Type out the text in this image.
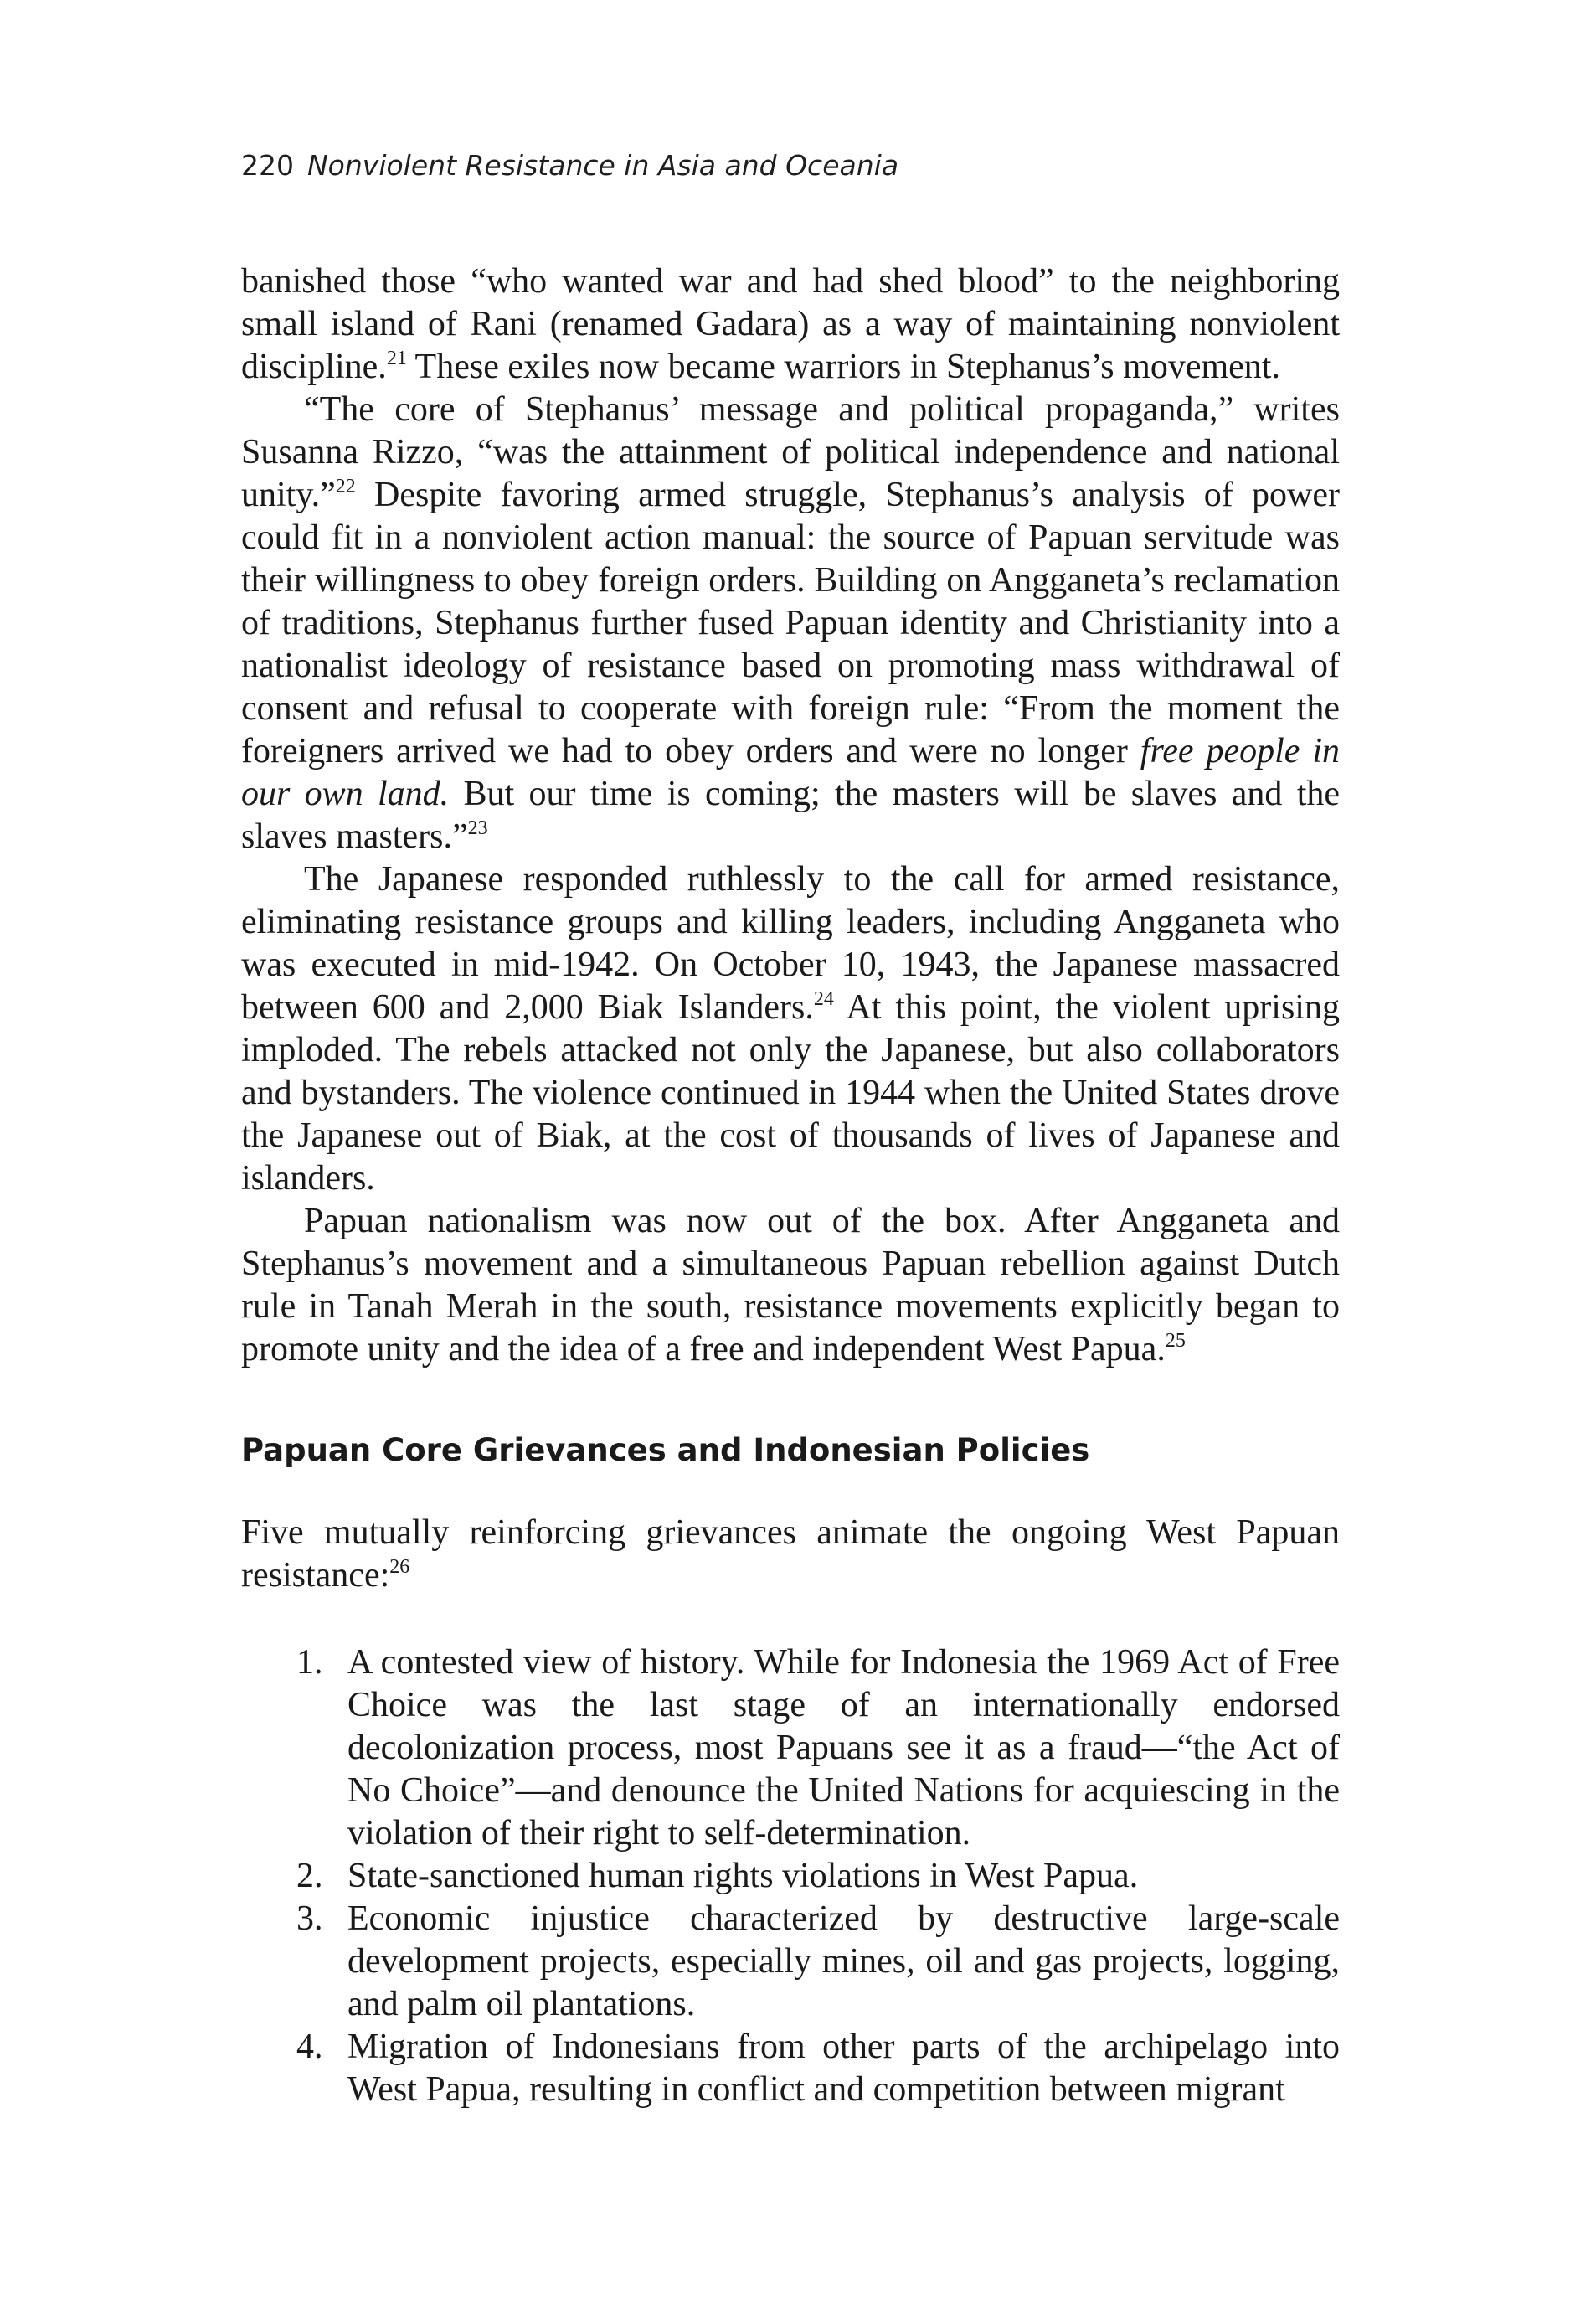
220 Nonviolent Resistance in Asia and Oceania

banished those “who wanted war and had shed blood” to the neighboring small island of Rani (renamed Gadara) as a way of maintaining nonviolent discipline.$^{21}$ These exiles now became warriors in Stephanus’s movement.

“The core of Stephanus’ message and political propaganda,” writes Susanna Rizzo, “was the attainment of political independence and national unity.”$^{22}$ Despite favoring armed struggle, Stephanus’s analysis of power could fit in a nonviolent action manual: the source of Papuan servitude was their willingness to obey foreign orders. Building on Angganeta’s reclamation of traditions, Stephanus further fused Papuan identity and Christianity into a nationalist ideology of resistance based on promoting mass withdrawal of consent and refusal to cooperate with foreign rule: “From the moment the foreigners arrived we had to obey orders and were no longer free people in our own land. But our time is coming; the masters will be slaves and the slaves masters.”$^{23}$

The Japanese responded ruthlessly to the call for armed resistance, eliminating resistance groups and killing leaders, including Angganeta who was executed in mid-1942. On October 10, 1943, the Japanese massacred between 600 and 2,000 Biak Islanders.$^{24}$ At this point, the violent uprising imploded. The rebels attacked not only the Japanese, but also collaborators and bystanders. The violence continued in 1944 when the United States drove the Japanese out of Biak, at the cost of thousands of lives of Japanese and islanders.

Papuan nationalism was now out of the box. After Angganeta and Stephanus’s movement and a simultaneous Papuan rebellion against Dutch rule in Tanah Merah in the south, resistance movements explicitly began to promote unity and the idea of a free and independent West Papua.$^{25}$

Papuan Core Grievances and Indonesian Policies

Five mutually reinforcing grievances animate the ongoing West Papuan resistance:$^{26}$

1. A contested view of history. While for Indonesia the 1969 Act of Free Choice was the last stage of an internationally endorsed decolonization process, most Papuans see it as a fraud—“the Act of No Choice”—and denounce the United Nations for acquiescing in the violation of their right to self-determination.
2. State-sanctioned human rights violations in West Papua.
3. Economic injustice characterized by destructive large-scale development projects, especially mines, oil and gas projects, logging, and palm oil plantations.
4. Migration of Indonesians from other parts of the archipelago into West Papua, resulting in conflict and competition between migrant
